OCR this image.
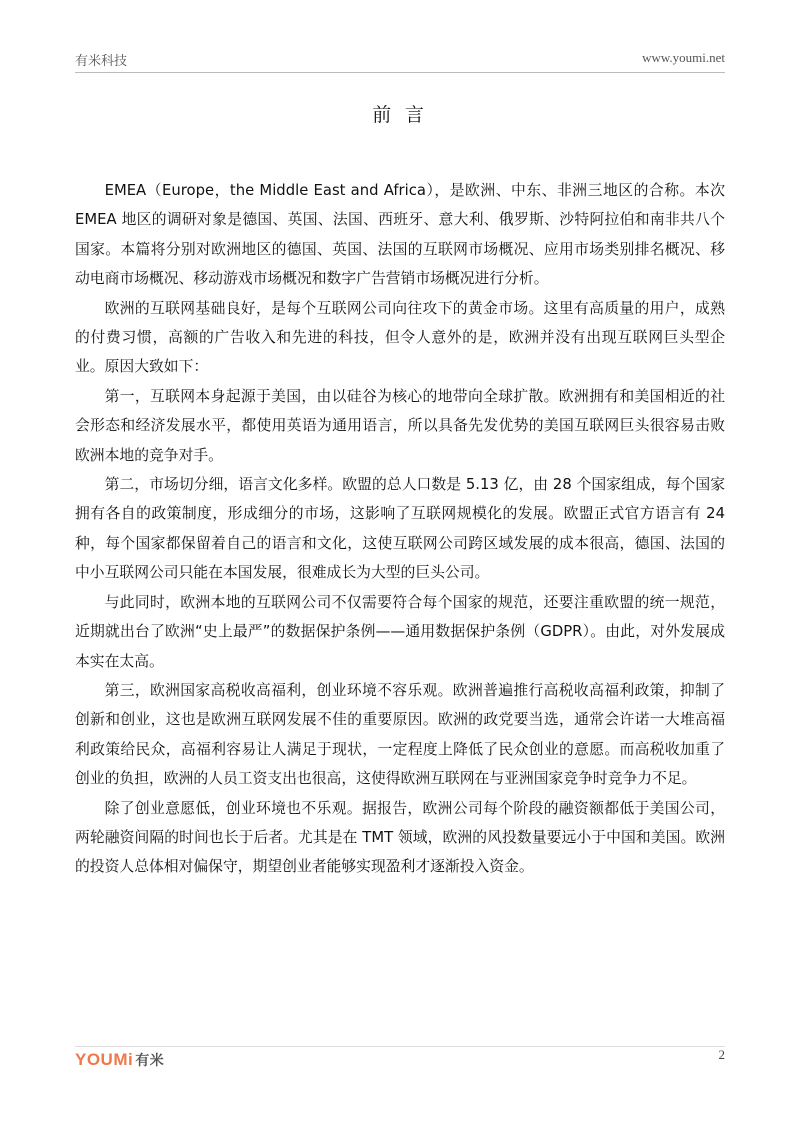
有米科技	www.youmi.net
前 言

EMEA（Europe，the Middle East and Africa），是欧洲、中东、非洲三地区的合称。本次 EMEA 地区的调研对象是德国、英国、法国、西班牙、意大利、俄罗斯、沙特阿拉伯和南非共八个国家。本篇将分别对欧洲地区的德国、英国、法国的互联网市场概况、应用市场类别排名概况、移动电商市场概况、移动游戏市场概况和数字广告营销市场概况进行分析。

欧洲的互联网基础良好，是每个互联网公司向往攻下的黄金市场。这里有高质量的用户，成熟的付费习惯，高额的广告收入和先进的科技，但令人意外的是，欧洲并没有出现互联网巨头型企业。原因大致如下：

第一，互联网本身起源于美国，由以硅谷为核心的地带向全球扩散。欧洲拥有和美国相近的社会形态和经济发展水平，都使用英语为通用语言，所以具备先发优势的美国互联网巨头很容易击败欧洲本地的竞争对手。

第二，市场切分细，语言文化多样。欧盟的总人口数是 5.13 亿，由 28 个国家组成，每个国家拥有各自的政策制度，形成细分的市场，这影响了互联网规模化的发展。欧盟正式官方语言有 24 种，每个国家都保留着自己的语言和文化，这使互联网公司跨区域发展的成本很高，德国、法国的中小互联网公司只能在本国发展，很难成长为大型的巨头公司。

与此同时，欧洲本地的互联网公司不仅需要符合每个国家的规范，还要注重欧盟的统一规范，近期就出台了欧洲“史上最严”的数据保护条例——通用数据保护条例（GDPR）。由此，对外发展成本实在太高。

第三，欧洲国家高税收高福利，创业环境不容乐观。欧洲普遍推行高税收高福利政策，抑制了创新和创业，这也是欧洲互联网发展不佳的重要原因。欧洲的政党要当选，通常会许诺一大堆高福利政策给民众，高福利容易让人满足于现状，一定程度上降低了民众创业的意愿。而高税收加重了创业的负担，欧洲的人员工资支出也很高，这使得欧洲互联网在与亚洲国家竞争时竞争力不足。

除了创业意愿低，创业环境也不乐观。据报告，欧洲公司每个阶段的融资额都低于美国公司，两轮融资间隔的时间也长于后者。尤其是在 TMT 领域，欧洲的风投数量要远小于中国和美国。欧洲的投资人总体相对偏保守，期望创业者能够实现盈利才逐渐投入资金。

YOUMi 有米	2
